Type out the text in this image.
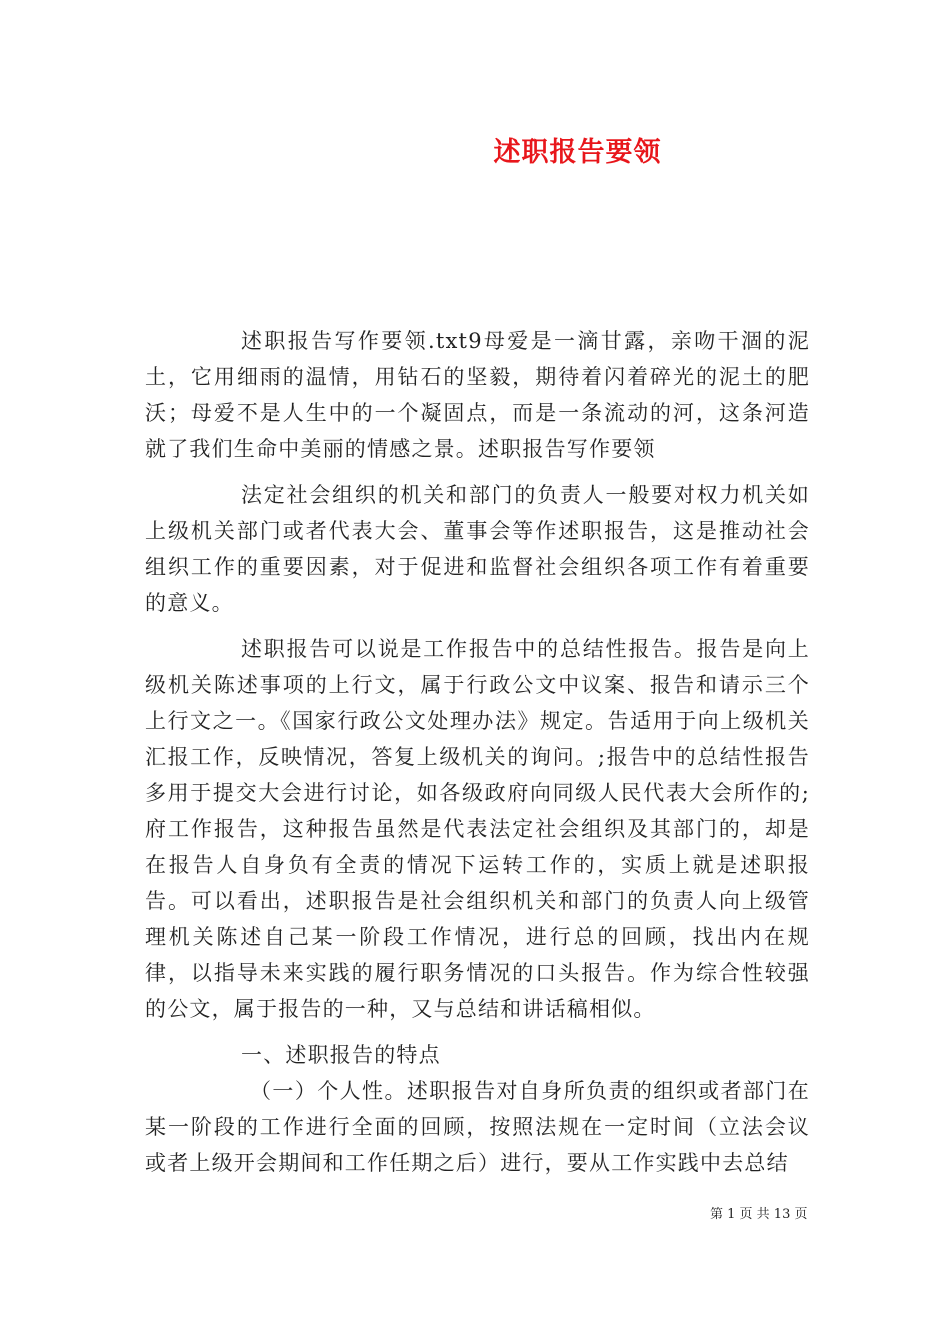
述职报告要领

述职报告写作要领.txt9母爱是一滴甘露，亲吻干涸的泥土，它用细雨的温情，用钻石的坚毅，期待着闪着碎光的泥土的肥沃；母爱不是人生中的一个凝固点，而是一条流动的河，这条河造就了我们生命中美丽的情感之景。述职报告写作要领

法定社会组织的机关和部门的负责人一般要对权力机关如上级机关部门或者代表大会、董事会等作述职报告，这是推动社会组织工作的重要因素，对于促进和监督社会组织各项工作有着重要的意义。

述职报告可以说是工作报告中的总结性报告。报告是向上级机关陈述事项的上行文，属于行政公文中议案、报告和请示三个上行文之一。《国家行政公文处理办法》规定。告适用于向上级机关汇报工作，反映情况，答复上级机关的询问。;报告中的总结性报告多用于提交大会进行讨论，如各级政府向同级人民代表大会所作的;府工作报告，这种报告虽然是代表法定社会组织及其部门的，却是在报告人自身负有全责的情况下运转工作的，实质上就是述职报告。可以看出，述职报告是社会组织机关和部门的负责人向上级管理机关陈述自己某一阶段工作情况，进行总的回顾，找出内在规律，以指导未来实践的履行职务情况的口头报告。作为综合性较强的公文，属于报告的一种，又与总结和讲话稿相似。

一、述职报告的特点

（一）个人性。述职报告对自身所负责的组织或者部门在某一阶段的工作进行全面的回顾，按照法规在一定时间（立法会议或者上级开会期间和工作任期之后）进行，要从工作实践中去总结

第 1 页 共 13 页
